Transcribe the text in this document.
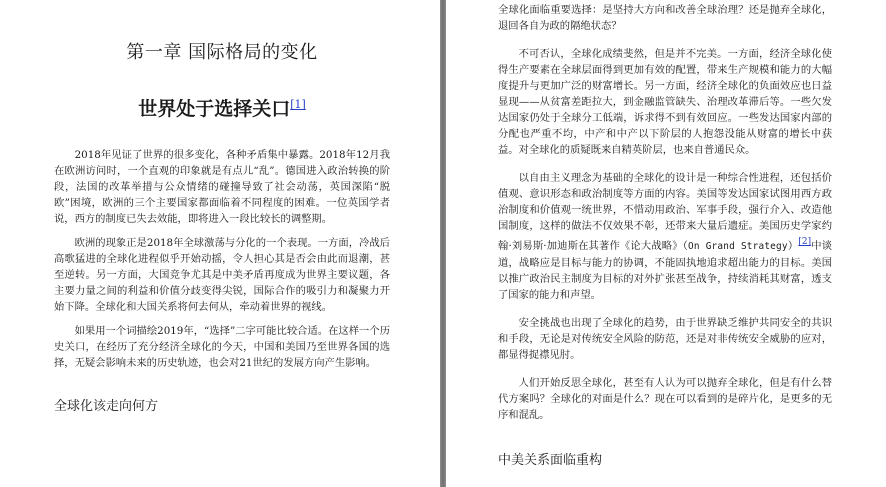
第一章 国际格局的变化
世界处于选择关口[1]

2018年见证了世界的很多变化，各种矛盾集中暴露。2018年12月我在欧洲访问时，一个直观的印象就是有点儿“乱”。德国进入政治转换的阶段，法国的改革举措与公众情绪的碰撞导致了社会动荡，英国深陷“脱欧”困境，欧洲的三个主要国家都面临着不同程度的困难。一位英国学者说，西方的制度已失去效能，即将进入一段比较长的调整期。

欧洲的现象正是2018年全球激荡与分化的一个表现。一方面，冷战后高歌猛进的全球化进程似乎开始动摇，令人担心其是否会由此而退潮，甚至逆转。另一方面，大国竞争尤其是中美矛盾再度成为世界主要议题，各主要力量之间的利益和价值分歧变得尖锐，国际合作的吸引力和凝聚力开始下降。全球化和大国关系将何去何从，牵动着世界的视线。

如果用一个词描绘2019年，“选择”二字可能比较合适。在这样一个历史关口，在经历了充分经济全球化的今天，中国和美国乃至世界各国的选择，无疑会影响未来的历史轨迹，也会对21世纪的发展方向产生影响。

全球化该走向何方

全球化面临重要选择：是坚持大方向和改善全球治理？还是抛弃全球化，退回各自为政的隔绝状态？

不可否认，全球化成绩斐然，但是并不完美。一方面，经济全球化使得生产要素在全球层面得到更加有效的配置，带来生产规模和能力的大幅度提升与更加广泛的财富增长。另一方面，经济全球化的负面效应也日益显现——从贫富差距拉大，到金融监管缺失、治理改革滞后等。一些欠发达国家仍处于全球分工低端，诉求得不到有效回应。一些发达国家内部的分配也严重不均，中产和中产以下阶层的人抱怨没能从财富的增长中获益。对全球化的质疑既来自精英阶层，也来自普通民众。

以自由主义理念为基础的全球化的设计是一种综合性进程，还包括价值观、意识形态和政治制度等方面的内容。美国等发达国家试图用西方政治制度和价值观一统世界，不惜动用政治、军事手段，强行介入、改造他国制度，这样的做法不仅效果不彰，还带来大量后遗症。美国历史学家约翰·刘易斯·加迪斯在其著作《论大战略》（On Grand Strategy）[2]中谈道，战略应是目标与能力的协调，不能固执地追求超出能力的目标。美国以推广政治民主制度为目标的对外扩张甚至战争，持续消耗其财富，透支了国家的能力和声望。

安全挑战也出现了全球化的趋势，由于世界缺乏维护共同安全的共识和手段，无论是对传统安全风险的防范，还是对非传统安全威胁的应对，都显得捉襟见肘。

人们开始反思全球化，甚至有人认为可以抛弃全球化，但是有什么替代方案吗？全球化的对面是什么？现在可以看到的是碎片化，是更多的无序和混乱。

中美关系面临重构
